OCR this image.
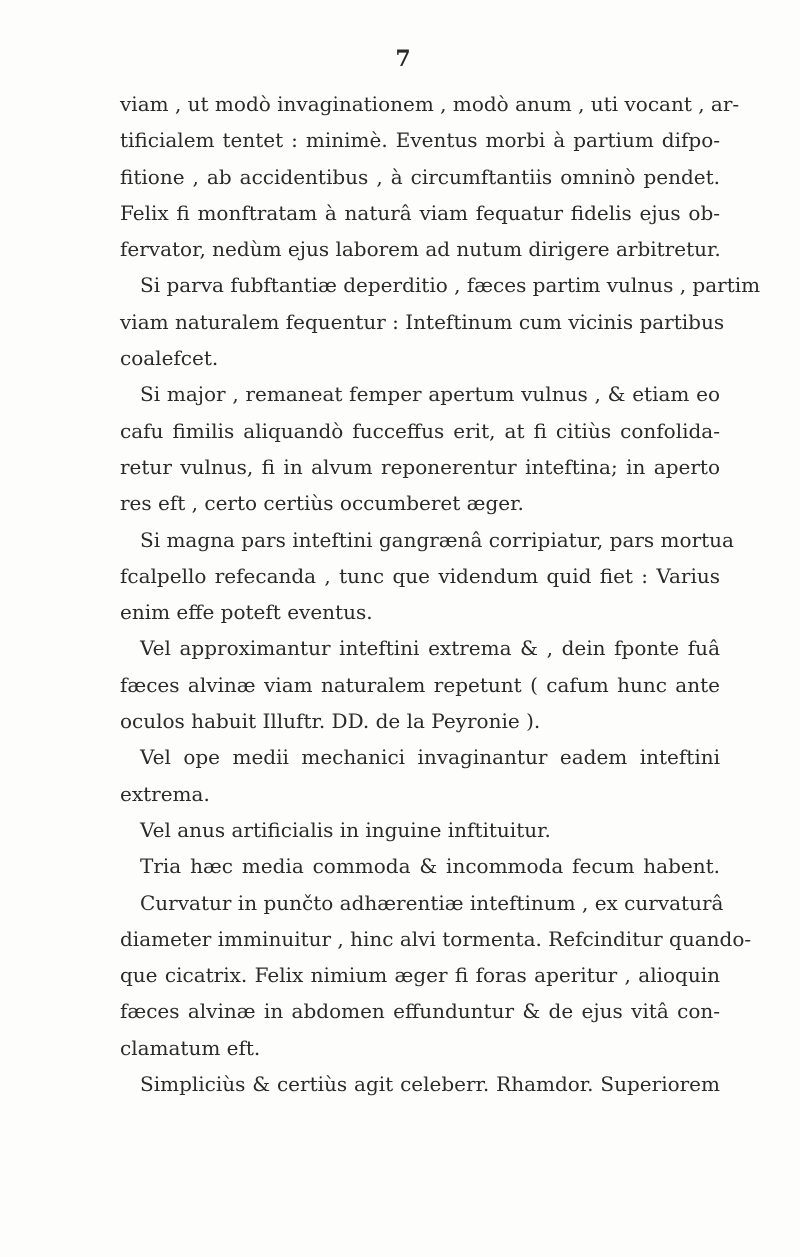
7
viam , ut modò invaginationem , modò anum , uti vocant , ar-
tificialem tentet : minimè. Eventus morbi à partium difpo-
fitione , ab accidentibus , à circumftantiis omninò pendet.
Felix fi monftratam à naturâ viam fequatur fidelis ejus ob-
fervator, nedùm ejus laborem ad nutum dirigere arbitretur.
Si parva fubftantiæ deperditio , fæces partim vulnus , partim
viam naturalem fequentur : Inteftinum cum vicinis partibus
coalefcet.
Si major , remaneat femper apertum vulnus , & etiam eo
cafu fimilis aliquandò fucceffus erit, at fi citiùs confolida-
retur vulnus, fi in alvum reponerentur inteftina; in aperto
res eft , certo certiùs occumberet æger.
Si magna pars inteftini gangrænâ corripiatur, pars mortua
fcalpello refecanda , tunc que videndum quid fiet : Varius
enim effe poteft eventus.
Vel approximantur inteftini extrema & , dein fponte fuâ
fæces alvinæ viam naturalem repetunt ( cafum hunc ante
oculos habuit Illuftr. DD. de la Peyronie ).
Vel ope medii mechanici invaginantur eadem inteftini
extrema.
Vel anus artificialis in inguine inftituitur.
Tria hæc media commoda & incommoda fecum habent.
Curvatur in punčto adhærentiæ inteftinum , ex curvaturâ
diameter imminuitur , hinc alvi tormenta. Refcinditur quando-
que cicatrix. Felix nimium æger fi foras aperitur , alioquin
fæces alvinæ in abdomen effunduntur & de ejus vitâ con-
clamatum eft.
Simpliciùs & certiùs agit celeberr. Rhamdor. Superiorem
